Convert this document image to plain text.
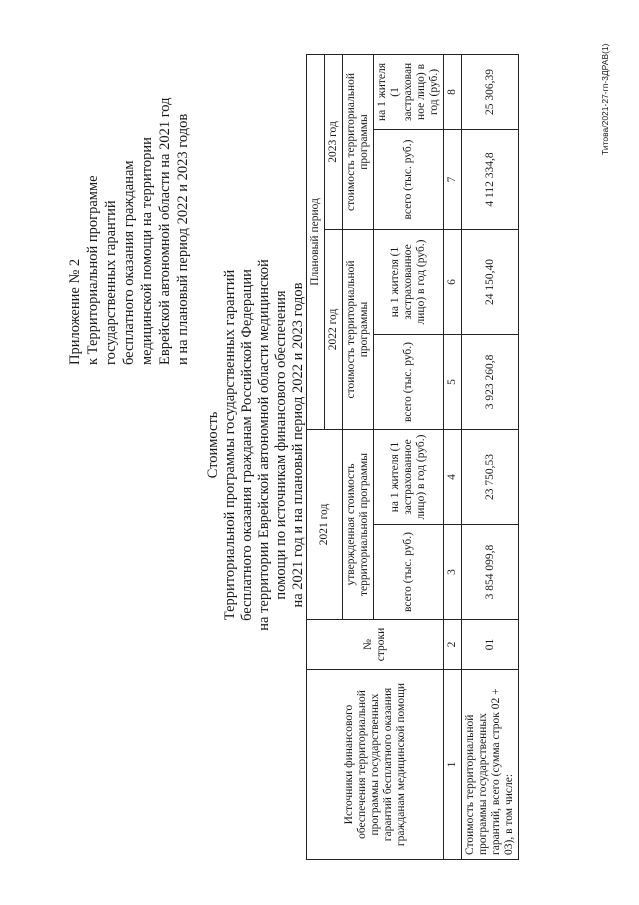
Приложение № 2 к Территориальной программе государственных гарантий бесплатного оказания гражданам медицинской помощи на территории Еврейской автономной области на 2021 год и на плановый период 2022 и 2023 годов
Стоимость Территориальной программы государственных гарантий бесплатного оказания гражданам Российской Федерации на территории Еврейской автономной области медицинской помощи по источникам финансового обеспечения на 2021 год и на плановый период 2022 и 2023 годов
Источники финансового обеспечения территориальной программы государственных гарантий бесплатного оказания гражданам медицинской помощи	№ строки	2021 год		Плановый период			
				2022 год		2023 год	
		утвержденная стоимость территориальной программы		стоимость территориальной программы		стоимость территориальной программы	
		всего (тыс. руб.)	на 1 жителя (1 застрахованное лицо) в год (руб.)	всего (тыс. руб.)	на 1 жителя (1 застрахованное лицо) в год (руб.)	всего (тыс. руб.)	на 1 жителя (1 застрахован ное лицо) в год (руб.)
1	2	3	4	5	6	7	8
Стоимость территориальной программы государственных гарантий, всего (сумма строк 02 + 03), в том числе:	01	3 854 099,8	23 750,53	3 923 260,8	24 150,40	4 112 334,8	25 306,39	Титова/2021-27-гп-3ДРАВ(1)
